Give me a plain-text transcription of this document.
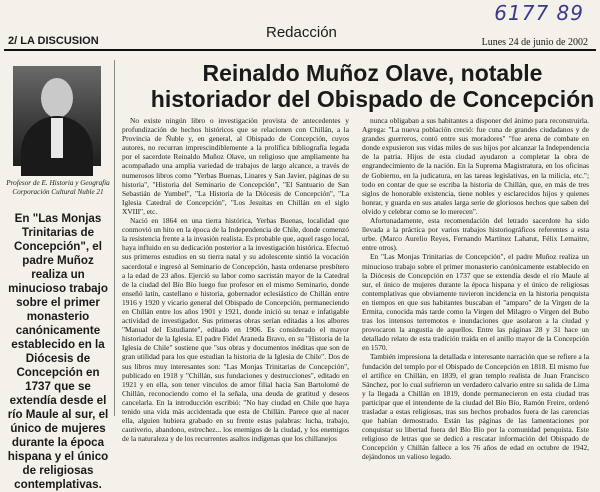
6177 89
2/ LA DISCUSION	Redacción
Lunes 24 de junio de 2002
Reinaldo Muñoz Olave, notable historiador del Obispado de Concepción
Marcial Pedrero Leal
Profesor de E. Historia y Geografía Corporación Cultural Nuble 21
En "Las Monjas Trinitarias de Concepción", el padre Muñoz realiza un minucioso trabajo sobre el primer monasterio canónicamente establecido en la Diócesis de Concepción en 1737 que se extendía desde el río Maule al sur, el único de mujeres durante la época hispana y el único de religiosas contemplativas.

No existe ningún libro o investigación provista de antecedentes y profundización de hechos históricos que se relacionen con Chillán, a la Provincia de Ñuble y, en general, al Obispado de Concepción, cuyos autores, no recurran imprescindiblemente a la prolífica bibliografía legada por el sacerdote Reinaldo Muñoz Olave, un religioso que ampliamente ha acompañado una amplia variedad de trabajos de largo alcance, a través de numerosos libros como "Yerbas Buenas, Linares y San Javier, páginas de su historia", "Historia del Seminario de Concepción", "El Santuario de San Sebastián de Yumbel", "La Historia de la Diócesis de Concepción", "La Iglesia Catedral de Concepción", "Los Jesuitas en Chillán en el siglo XVIII", etc.

Nació en 1864 en una tierra histórica, Yerbas Buenas, localidad que conmovió un hito en la época de la Independencia de Chile, donde comenzó la resistencia frente a la invasión realista. Es probable que, aquel rasgo local, haya influido en su dedicación posterior a la investigación histórica. Efectuó sus primeros estudios en su tierra natal y su adolescente sintió la vocación sacerdotal e ingresó al Seminario de Concepción, hasta ordenarse presbítero a la edad de 23 años. Ejerció su labor como sacristán mayor de la Catedral de la ciudad del Bío Bío luego fue profesor en el mismo Seminario, donde enseñó latín, castellano e historia, gobernador eclesiástico de Chillán entre 1916 y 1920 y vicario general del Obispado de Concepción, permaneciendo en Chillán entre los años 1901 y 1921, donde inició su tenaz e infatigable actividad de investigador. Sus primeras obras serían editadas a los albores "Manual del Estudiante", editado en 1906. Es considerado el mayor historiador de la Iglesia. El padre Fidel Araneda Bravo, en su "Historia de la Iglesia de Chile" sostiene que "sus obras y documentos inéditas que son de gran utilidad para los que estudian la historia de la Iglesia de Chile". Dos de sus libros muy interesantes son: "Las Monjas Trinitarias de Concepción", publicado en 1918 y "Chillán, sus fundaciones y destrucciones", editado en 1921 y en ella, son tener vínculos de amor filial hacia San Bartolomé de Chillán, reconociendo como el la señala, una deuda de gratitud y deseos cancelarla. En la introducción escribió: "No hay ciudad en Chile que haya tenido una vida más accidentada que esta de Chillán. Parece que al nacer ella, alguien hubiera grabado en su frente estas palabras: lucha, trabajo, cautiverio, abandono, estrechez... los enemigos de la ciudad, y los enemigos de la naturaleza y de los recurrentes asaltos indígenas que los chillanejos

nunca obligaban a sus habitantes a disponer del ánimo para reconstruirla. Agrega: "La nueva población creció: fue cuna de grandes ciudadanos y de grandes guerreros, contó entre sus moradores" "fue arena de combate en donde expusieron sus vidas miles de sus hijos por alcanzar la Independencia de la patria. Hijos de esta ciudad ayudaron a completar la obra de engrandecimiento de la nación. En la Suprema Magistratura, en los oficinas de Gobierno, en la judicatura, en las tareas legislativas, en la milicia, etc."; todo en contar de que se escriba la historia de Chillán, que, en más de tres siglos de honorable existencia, tiene nobles y esclarecidos hijos y quienes honrar, y guarda en sus anales larga serie de gloriosos hechos que saben del olvido y celebrar como se lo merecen".

Afortunadamente, esta recomendación del letrado sacerdote ha sido llevada a la práctica por varios trabajos historiográficos referentes a esta urbe. (Marco Aurelio Reyes, Fernando Martínez Lahatut, Félix Lemaitre, entre otros).

En "Las Monjas Trinitarias de Concepción", el padre Muñoz realiza un minucioso trabajo sobre el primer monasterio canónicamente establecido en la Diócesis de Concepción en 1737 que se extendía desde el río Maule al sur, el único de mujeres durante la época hispana y el único de religiosas contemplativas que obviamente tuvieron incidencia en la historia penquista en tiempos en que sus habitantes buscaban el "amparo" de la Virgen de la Ermita, conocida más tarde como la Virgen del Milagro o Virgen del Bubo tras los intensos terremotos e inundaciones que asolaron a la ciudad y provocaron la angustia de aquellos. Entre las páginas 28 y 31 hace un detallado relato de esta tradición traída en el anillo mayor de la Concepción en 1570.

También impresiona la detallada e interesante narración que se refiere a la fundación del templo por el Obispado de Concepción en 1818. El mismo fue el artífice en Chillán, en 1839, el gran templo realista de Juan Francisco Sánchez, por lo cual sufrieron un verdadero calvario entre su salida de Lima y la llegada a Chillán en 1819, donde permanecieron en esta ciudad tras participar que el intendente de la ciudad del Bío Bío, Ramón Freire, ordenó trasladar a estas religiosas, tras sus hechos probados fuera de las carencias que habían demostrado. Están las páginas de las lamentaciones por conquistar su libertad fuera del Bío Bío por la comunidad penquista. Este religioso de letras que se dedicó a rescatar información del Obispado de Concepción y Chillán fallece a los 76 años de edad en octubre de 1942, dejándonos un valioso legado.
